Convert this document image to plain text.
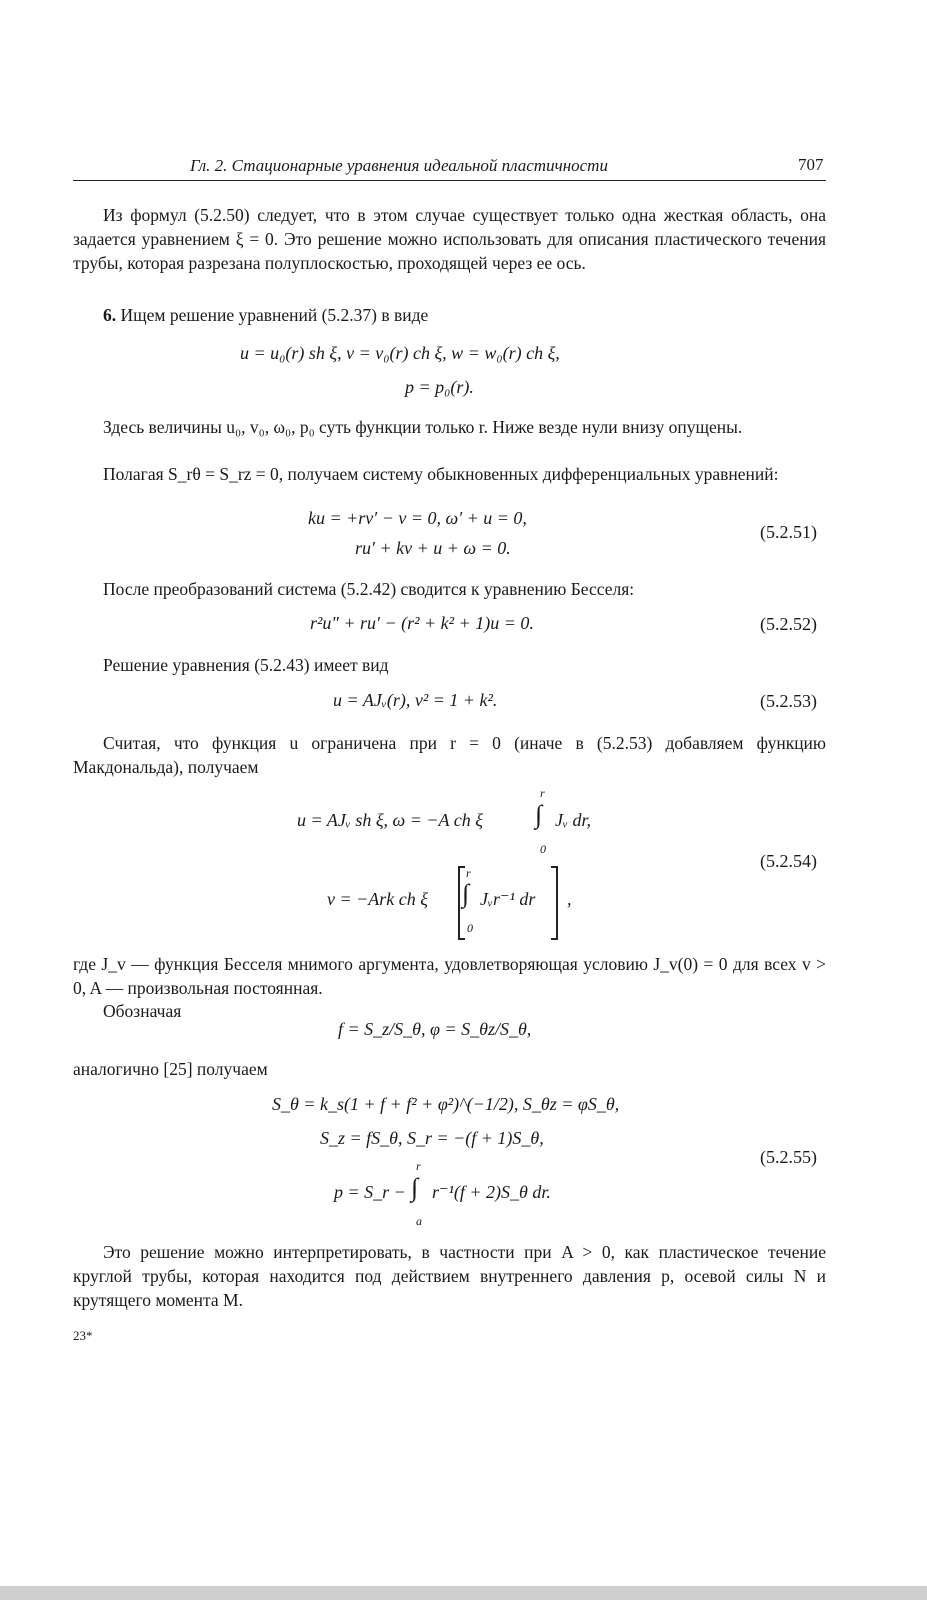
Гл. 2. Стационарные уравнения идеальной пластичности	707

Из формул (5.2.50) следует, что в этом случае существует только одна жесткая область, она задается уравнением ξ = 0. Это решение можно использовать для описания пластического течения трубы, которая разрезана полуплоскостью, проходящей через ее ось.

6. Ищем решение уравнений (5.2.37) в виде

u = u₀(r) sh ξ, v = v₀(r) ch ξ, w = w₀(r) ch ξ,
p = p₀(r).

Здесь величины u₀, v₀, ω₀, p₀ суть функции только r. Ниже везде нули внизу опущены.

Полагая S_rθ = S_rz = 0, получаем систему обыкновенных дифференциальных уравнений:

ku = +rv′ − v = 0, ω′ + u = 0,
ru′ + kv + u + ω = 0.
(5.2.51)

После преобразований система (5.2.42) сводится к уравнению Бесселя:

r²u″ + ru′ − (r² + k² + 1)u = 0.	(5.2.52)

Решение уравнения (5.2.43) имеет вид

u = AJᵥ(r), v² = 1 + k².	(5.2.53)

Считая, что функция u ограничена при r = 0 (иначе в (5.2.53) добавляем функцию Макдональда), получаем

u = AJᵥ sh ξ, ω = −A ch ξ
r
∫
0
Jᵥ dr,
v = −Ark ch ξ
r
∫
0
Jᵥr⁻¹ dr ,
(5.2.54)

где J_v — функция Бесселя мнимого аргумента, удовлетворяющая условию J_v(0) = 0 для всех v > 0, A — произвольная постоянная.

Обозначая

f = S_z/S_θ, φ = S_θz/S_θ,

аналогично [25] получаем

S_θ = k_s(1 + f + f² + φ²)^(−1/2), S_θz = φS_θ,
S_z = fS_θ, S_r = −(f + 1)S_θ,
p = S_r −
r
∫
a
r⁻¹(f + 2)S_θ dr.
(5.2.55)

Это решение можно интерпретировать, в частности при A > 0, как пластическое течение круглой трубы, которая находится под действием внутреннего давления p, осевой силы N и крутящего момента M.

23*
